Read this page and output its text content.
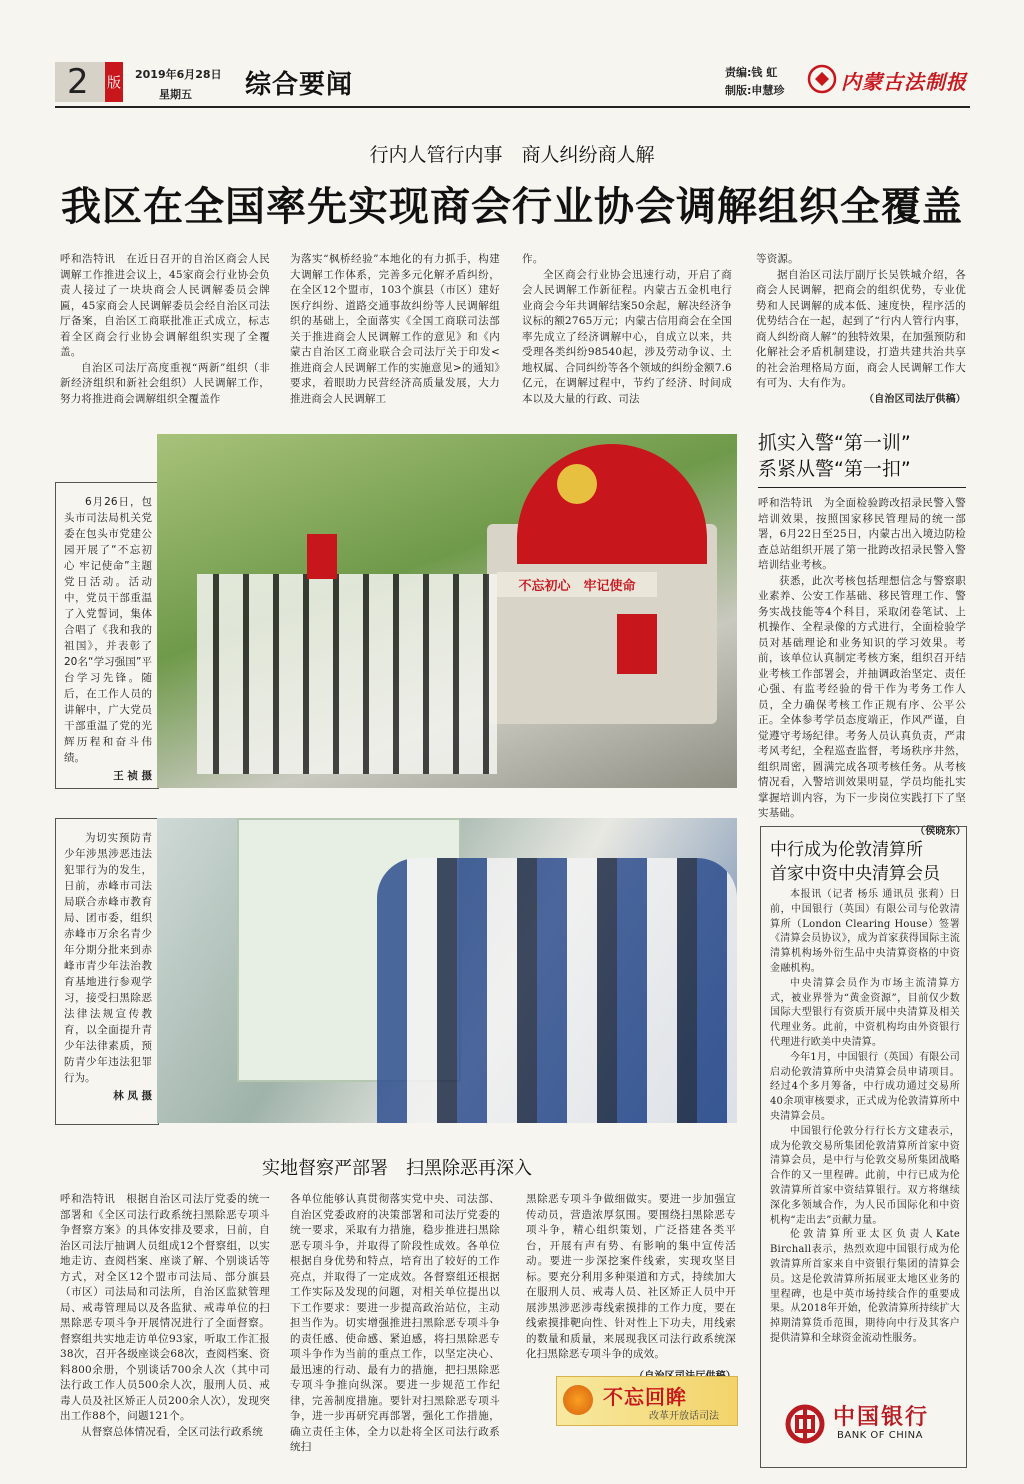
2 版
2019年6月28日
星期五 综合要闻	责编:钱 虹
制版:申慧珍	内蒙古法制报
行内人管行内事　商人纠纷商人解
我区在全国率先实现商会行业协会调解组织全覆盖

呼和浩特讯　在近日召开的自治区商会人民调解工作推进会议上，45家商会行业协会负责人接过了一块块商会人民调解委员会牌匾，45家商会人民调解委员会经自治区司法厅备案，自治区工商联批准正式成立，标志着全区商会行业协会调解组织实现了全覆盖。

自治区司法厅高度重视“两新”组织（非新经济组织和新社会组织）人民调解工作，努力将推进商会调解组织全覆盖作

为落实“枫桥经验”本地化的有力抓手，构建大调解工作体系，完善多元化解矛盾纠纷，在全区12个盟市，103个旗县（市区）建好医疗纠纷、道路交通事故纠纷等人民调解组织的基础上，全面落实《全国工商联司法部关于推进商会人民调解工作的意见》和《内蒙古自治区工商业联合会司法厅关于印发<推进商会人民调解工作的实施意见>的通知》要求，着眼助力民营经济高质量发展，大力推进商会人民调解工

作。

全区商会行业协会迅速行动，开启了商会人民调解工作新征程。内蒙古五金机电行业商会今年共调解结案50余起，解决经济争议标的额2765万元；内蒙古信用商会在全国率先成立了经济调解中心，自成立以来，共受理各类纠纷98540起，涉及劳动争议、土地权属、合同纠纷等各个领域的纠纷金额7.6亿元，在调解过程中，节约了经济、时间成本以及大量的行政、司法

等资源。

据自治区司法厅副厅长吴铁城介绍，各商会人民调解，把商会的组织优势，专业优势和人民调解的成本低、速度快，程序活的优势结合在一起，起到了“行内人管行内事，商人纠纷商人解”的独特效果，在加强预防和化解社会矛盾机制建设，打造共建共治共享的社会治理格局方面，商会人民调解工作大有可为、大有作为。

（自治区司法厅供稿）
6月26日，包头市司法局机关党委在包头市党建公园开展了“不忘初心 牢记使命”主题党日活动。活动中，党员干部重温了入党誓词，集体合唱了《我和我的祖国》，并表彰了20名“学习强国”平台学习先锋。随后，在工作人员的讲解中，广大党员干部重温了党的光辉历程和奋斗伟绩。
王 祯 摄
不忘初心　牢记使命
抓实入警“第一训”
系紧从警“第一扣”

呼和浩特讯　为全面检验跨改招录民警入警培训效果，按照国家移民管理局的统一部署，6月22日至25日，内蒙古出入境边防检查总站组织开展了第一批跨改招录民警入警培训结业考核。

获悉，此次考核包括理想信念与警察职业素养、公安工作基础、移民管理工作、警务实战技能等4个科目，采取闭卷笔试、上机操作、全程录像的方式进行，全面检验学员对基础理论和业务知识的学习效果。考前，该单位认真制定考核方案，组织召开结业考核工作部署会，并抽调政治坚定、责任心强、有监考经验的骨干作为考务工作人员，全力确保考核工作正规有序、公平公正。全体参考学员态度端正，作风严谨，自觉遵守考场纪律。考务人员认真负责，严肃考风考纪，全程巡查监督，考场秩序井然，组织周密，圆满完成各项考核任务。从考核情况看，入警培训效果明显，学员均能扎实掌握培训内容，为下一步岗位实践打下了坚实基础。

（侯晓东）
为切实预防青少年涉黑涉恶违法犯罪行为的发生，日前，赤峰市司法局联合赤峰市教育局、团市委，组织赤峰市万余名青少年分期分批来到赤峰市青少年法治教育基地进行参观学习，接受扫黑除恶法律法规宣传教育，以全面提升青少年法律素质，预防青少年违法犯罪行为。
林 凤 摄
中行成为伦敦清算所
首家中资中央清算会员

本报讯（记者 杨乐 通讯员 张莉）日前，中国银行（英国）有限公司与伦敦清算所（London Clearing House）签署《清算会员协议》，成为首家获得国际主流清算机构场外衍生品中央清算资格的中资金融机构。

中央清算会员作为市场主流清算方式，被业界誉为“黄金资源”，目前仅少数国际大型银行有资质开展中央清算及相关代理业务。此前，中资机构均由外资银行代理进行欧美中央清算。

今年1月，中国银行（英国）有限公司启动伦敦清算所中央清算会员申请项目。经过4个多月筹备，中行成功通过交易所40余项审核要求，正式成为伦敦清算所中央清算会员。

中国银行伦敦分行行长方文建表示，成为伦敦交易所集团伦敦清算所首家中资清算会员，是中行与伦敦交易所集团战略合作的又一里程碑。此前，中行已成为伦敦清算所首家中资结算银行。双方将继续深化多领域合作，为人民币国际化和中资机构“走出去”贡献力量。

伦敦清算所亚太区负责人Kate Birchall表示，热烈欢迎中国银行成为伦敦清算所首家来自中资银行集团的清算会员。这是伦敦清算所拓展亚太地区业务的里程碑，也是中英市场持续合作的重要成果。从2018年开始，伦敦清算所持续扩大掉期清算货币范围，期待向中行及其客户提供清算和全球资金流动性服务。

中国银行
BANK OF CHINA
实地督察严部署　扫黑除恶再深入

呼和浩特讯　根据自治区司法厅党委的统一部署和《全区司法行政系统扫黑除恶专项斗争督察方案》的具体安排及要求，日前，自治区司法厅抽调人员组成12个督察组，以实地走访、查阅档案、座谈了解、个别谈话等方式，对全区12个盟市司法局、部分旗县（市区）司法局和司法所，自治区监狱管理局、戒毒管理局以及各监狱、戒毒单位的扫黑除恶专项斗争开展情况进行了全面督察。督察组共实地走访单位93家，听取工作汇报38次，召开各级座谈会68次，查阅档案、资料800余册，个别谈话700余人次（其中司法行政工作人员500余人次，服刑人员、戒毒人员及社区矫正人员200余人次），发现突出工作88个，问题121个。

从督察总体情况看，全区司法行政系统

各单位能够认真贯彻落实党中央、司法部、自治区党委政府的决策部署和司法厅党委的统一要求，采取有力措施，稳步推进扫黑除恶专项斗争，并取得了阶段性成效。各单位根据自身优势和特点，培育出了较好的工作亮点，并取得了一定成效。各督察组还根据工作实际及发现的问题，对相关单位提出以下工作要求：要进一步提高政治站位，主动担当作为。切实增强推进扫黑除恶专项斗争的责任感、使命感、紧迫感，将扫黑除恶专项斗争作为当前的重点工作，以坚定决心、最迅速的行动、最有力的措施，把扫黑除恶专项斗争推向纵深。要进一步规范工作纪律，完善制度措施。要针对扫黑除恶专项斗争，进一步再研究再部署，强化工作措施，确立责任主体，全力以赴将全区司法行政系统扫

黑除恶专项斗争做细做实。要进一步加强宣传动员，营造浓厚氛围。要围绕扫黑除恶专项斗争，精心组织策划，广泛搭建各类平台，开展有声有势、有影响的集中宣传活动。要进一步深挖案件线索，实现攻坚目标。要充分利用多种渠道和方式，持续加大在服刑人员、戒毒人员、社区矫正人员中开展涉黑涉恶涉毒线索摸排的工作力度，要在线索摸排靶向性、针对性上下功夫，用线索的数量和质量，来展现我区司法行政系统深化扫黑除恶专项斗争的成效。

不忘回眸
改革开放话司法
